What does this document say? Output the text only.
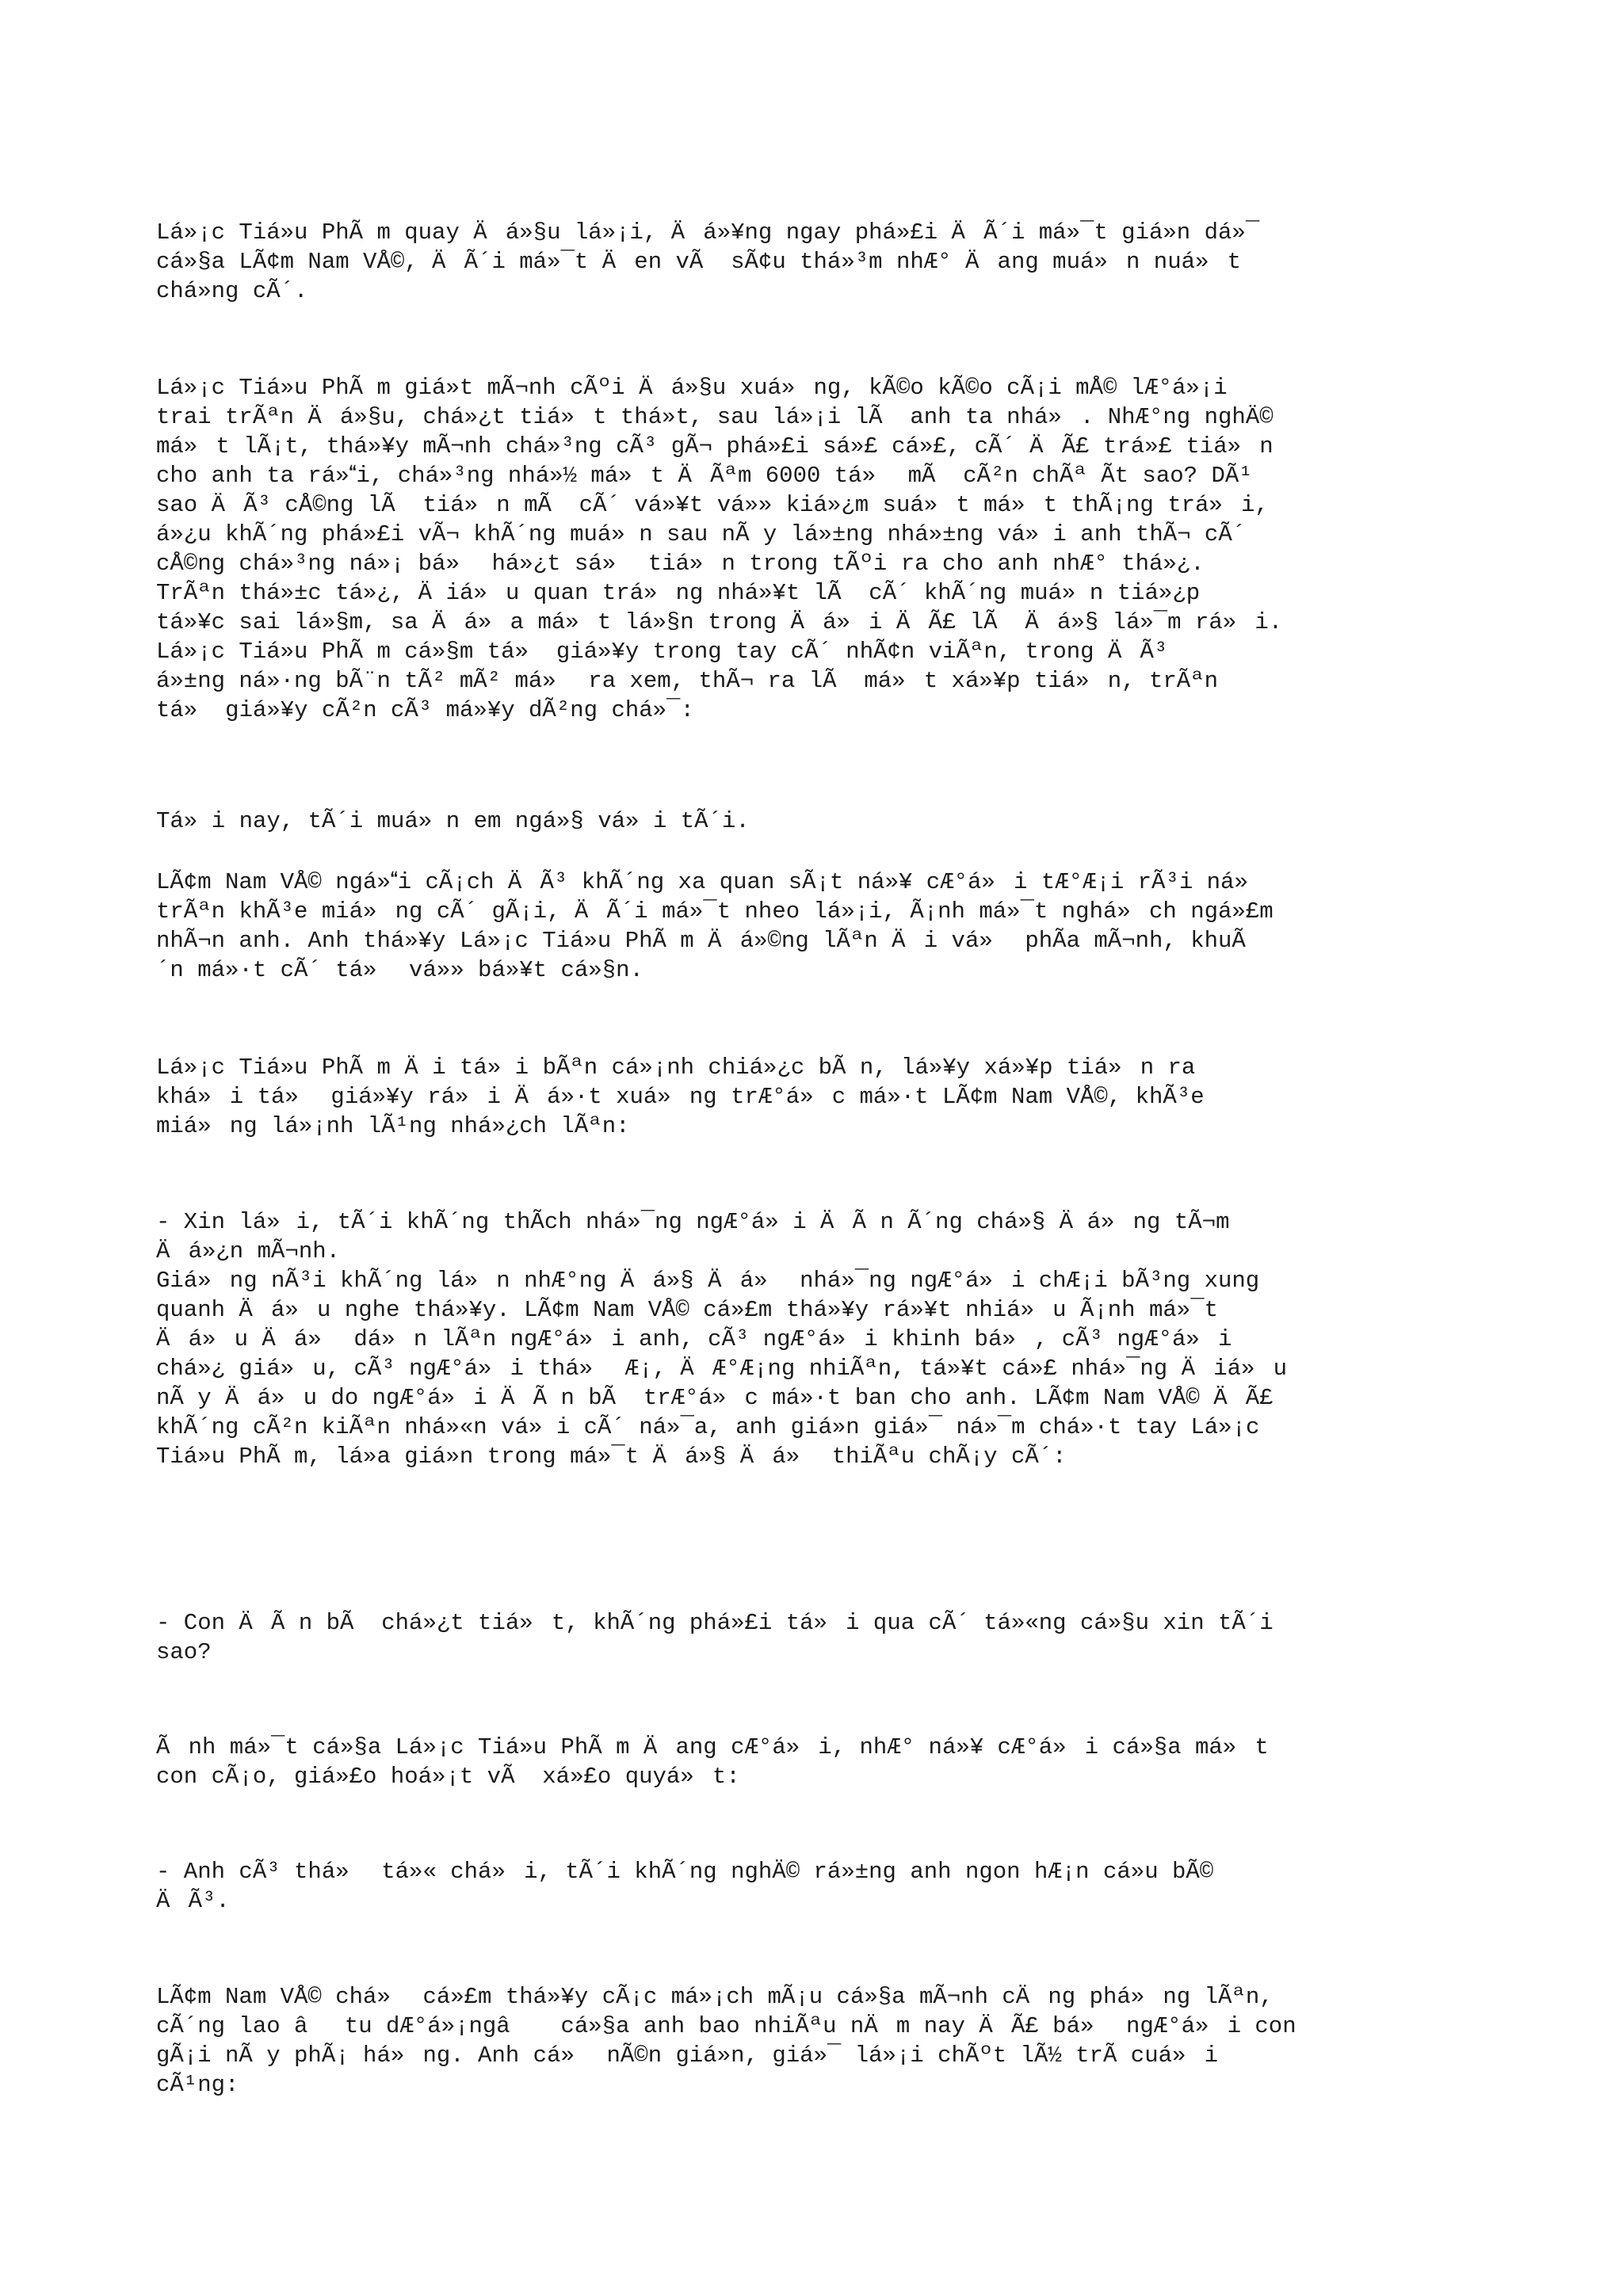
Lá»¡c Tiá»u PhÃ m quay Äá»§u lá»¡i, Äá»¥ng ngay phá»£i ÄÃ´i má»¯t giá»n dá»¯
cá»§a LÃ¢m Nam VÅ©, ÄÃ´i má»¯t Äen vÃ  sÃ¢u thá»³m nhÆ° Äang muá»n nuá»t
chá»ng cÃ´.

Lá»¡c Tiá»u PhÃ m giá»t mÃ¬nh cÃºi Äá»§u xuá»ng, kÃ©o kÃ©o cÃ¡i mÅ© lÆ°á»¡i
trai trÃªn Äá»§u, chá»¿t tiá»t thá»t, sau lá»¡i lÃ  anh ta nhá». NhÆ°ng nghÄ©
má»t lÃ¡t, thá»¥y mÃ¬nh chá»³ng cÃ³ gÃ¬ phá»£i sá»£ cá»£, cÃ´ ÄÃ£ trá»£ tiá»n
cho anh ta rá»i, chá»³ng nhá»½ má»t ÄÃªm 6000 tá» mÃ  cÃ²n chÃª Ãt sao? DÃ¹
sao ÄÃ³ cÅ©ng lÃ  tiá»n mÃ  cÃ´ vá»¥t vá»» kiá»¿m suá»t má»t thÃ¡ng trá»i,
á»¿u khÃ´ng phá»£i vÃ¬ khÃ´ng muá»n sau nÃ y lá»±ng nhá»±ng vá»i anh thÃ¬ cÃ´
cÅ©ng chá»³ng ná»¡ bá» há»¿t sá» tiá»n trong tÃºi ra cho anh nhÆ° thá»¿.
TrÃªn thá»±c tá»¿, Äiá»u quan trá»ng nhá»¥t lÃ  cÃ´ khÃ´ng muá»n tiá»¿p
tá»¥c sai lá»§m, sa Äá»a má»t lá»§n trong Äá»i ÄÃ£ lÃ  Äá»§ lá»¯m rá»i.
Lá»¡c Tiá»u PhÃ m cá»§m tá» giá»¥y trong tay cÃ´ nhÃ¢n viÃªn, trong ÄÃ³
á»±ng ná»·ng bÃ¨n tÃ² mÃ² má» ra xem, thÃ¬ ra lÃ  má»t xá»¥p tiá»n, trÃªn
tá» giá»¥y cÃ²n cÃ³ má»¥y dÃ²ng chá»¯:

Tá»i nay, tÃ´i muá»n em ngá»§ vá»i tÃ´i.

LÃ¢m Nam VÅ© ngá»i cÃ¡ch ÄÃ³ khÃ´ng xa quan sÃ¡t ná»¥ cÆ°á»i tÆ°Æ¡i rÃ³i ná»
trÃªn khÃ³e miá»ng cÃ´ gÃ¡i, ÄÃ´i má»¯t nheo lá»¡i, Ã¡nh má»¯t nghá»ch ngá»£m
nhÃ¬n anh. Anh thá»¥y Lá»¡c Tiá»u PhÃ m Äá»©ng lÃªn Äi vá» phÃa mÃ¬nh, khuÃ
´n má»·t cÃ´ tá» vá»» bá»¥t cá»§n.

Lá»¡c Tiá»u PhÃ m Äi tá»i bÃªn cá»¡nh chiá»¿c bÃ n, lá»¥y xá»¥p tiá»n ra
khá»i tá» giá»¥y rá»i Äá»·t xuá»ng trÆ°á»c má»·t LÃ¢m Nam VÅ©, khÃ³e
miá»ng lá»¡nh lÃ¹ng nhá»¿ch lÃªn:

- Xin lá»i, tÃ´i khÃ´ng thÃch nhá»¯ng ngÆ°á»i ÄÃ n Ã´ng chá»§ Äá»ng tÃ¬m
Äá»¿n mÃ¬nh.
Giá»ng nÃ³i khÃ´ng lá»n nhÆ°ng Äá»§ Äá» nhá»¯ng ngÆ°á»i chÆ¡i bÃ³ng xung
quanh Äá»u nghe thá»¥y. LÃ¢m Nam VÅ© cá»£m thá»¥y rá»¥t nhiá»u Ã¡nh má»¯t
Äá»u Äá» dá»n lÃªn ngÆ°á»i anh, cÃ³ ngÆ°á»i khinh bá», cÃ³ ngÆ°á»i
chá»¿ giá»u, cÃ³ ngÆ°á»i thá» Æ¡, ÄÆ°Æ¡ng nhiÃªn, tá»¥t cá»£ nhá»¯ng Äiá»u
nÃ y Äá»u do ngÆ°á»i ÄÃ n bÃ  trÆ°á»c má»·t ban cho anh. LÃ¢m Nam VÅ© ÄÃ£
khÃ´ng cÃ²n kiÃªn nhá»«n vá»i cÃ´ ná»¯a, anh giá»n giá»¯ ná»¯m chá»·t tay Lá»¡c
Tiá»u PhÃ m, lá»a giá»n trong má»¯t Äá»§ Äá» thiÃªu chÃ¡y cÃ´:

- Con ÄÃ n bÃ  chá»¿t tiá»t, khÃ´ng phá»£i tá»i qua cÃ´ tá»«ng cá»§u xin tÃ´i
sao?

Ãnh má»¯t cá»§a Lá»¡c Tiá»u PhÃ m Äang cÆ°á»i, nhÆ° ná»¥ cÆ°á»i cá»§a má»t
con cÃ¡o, giá»£o hoá»¡t vÃ  xá»£o quyá»t:

- Anh cÃ³ thá» tá»« chá»i, tÃ´i khÃ´ng nghÄ© rá»±ng anh ngon hÆ¡n cá»u bÃ©
ÄÃ³.

LÃ¢m Nam VÅ© chá» cá»£m thá»¥y cÃ¡c má»¡ch mÃ¡u cá»§a mÃ¬nh cÄng phá»ng lÃªn,
cÃ´ng lao âtu dÆ°á»¡ngâ cá»§a anh bao nhiÃªu nÄm nay ÄÃ£ bá» ngÆ°á»i con
gÃ¡i nÃ y phÃ¡ há»ng. Anh cá» nÃ©n giá»n, giá»¯ lá»¡i chÃºt lÃ½ trÃ cuá»i
cÃ¹ng:
